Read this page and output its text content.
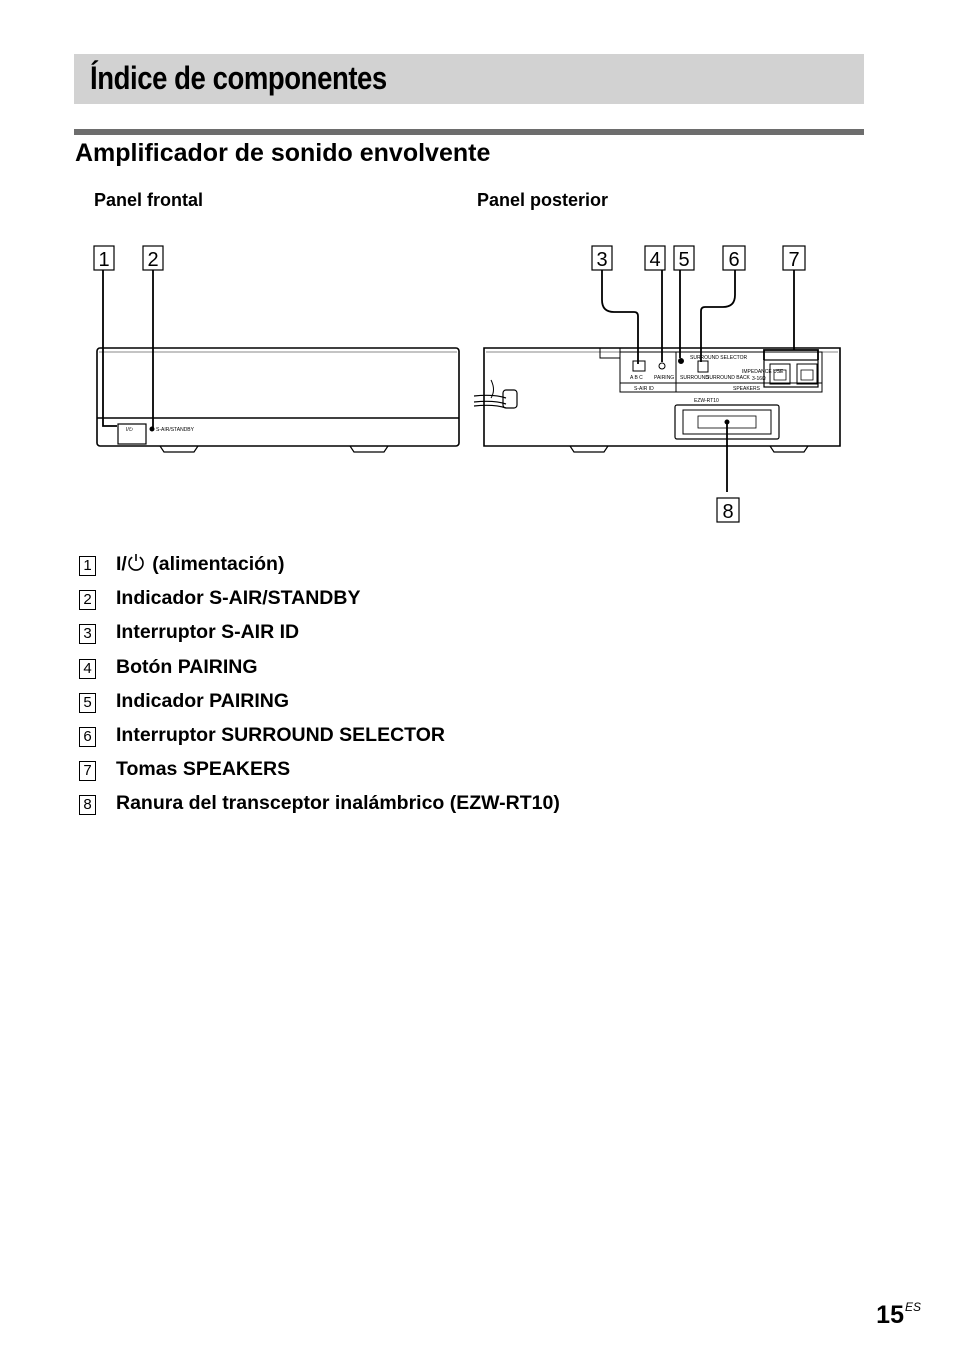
Índice de componentes
Amplificador de sonido envolvente
Panel frontal	Panel posterior
1 2	3 4 5 6 7
8
I/⏻	S-AIR/STANDBY
A B C PAIRING
S-AIR ID
SURROUND SELECTOR
SURROUND
SURROUND BACK
IMPEDANCE USE
3-16Ω
SPEAKERS
EZW-RT10
1 I/
(alimentación)
2 Indicador S-AIR/STANDBY
3 Interruptor S-AIR ID
4 Botón PAIRING
5 Indicador PAIRING
6 Interruptor SURROUND SELECTOR
7 Tomas SPEAKERS
8 Ranura del transceptor inalámbrico (EZW-RT10)
$15^{ES}$
